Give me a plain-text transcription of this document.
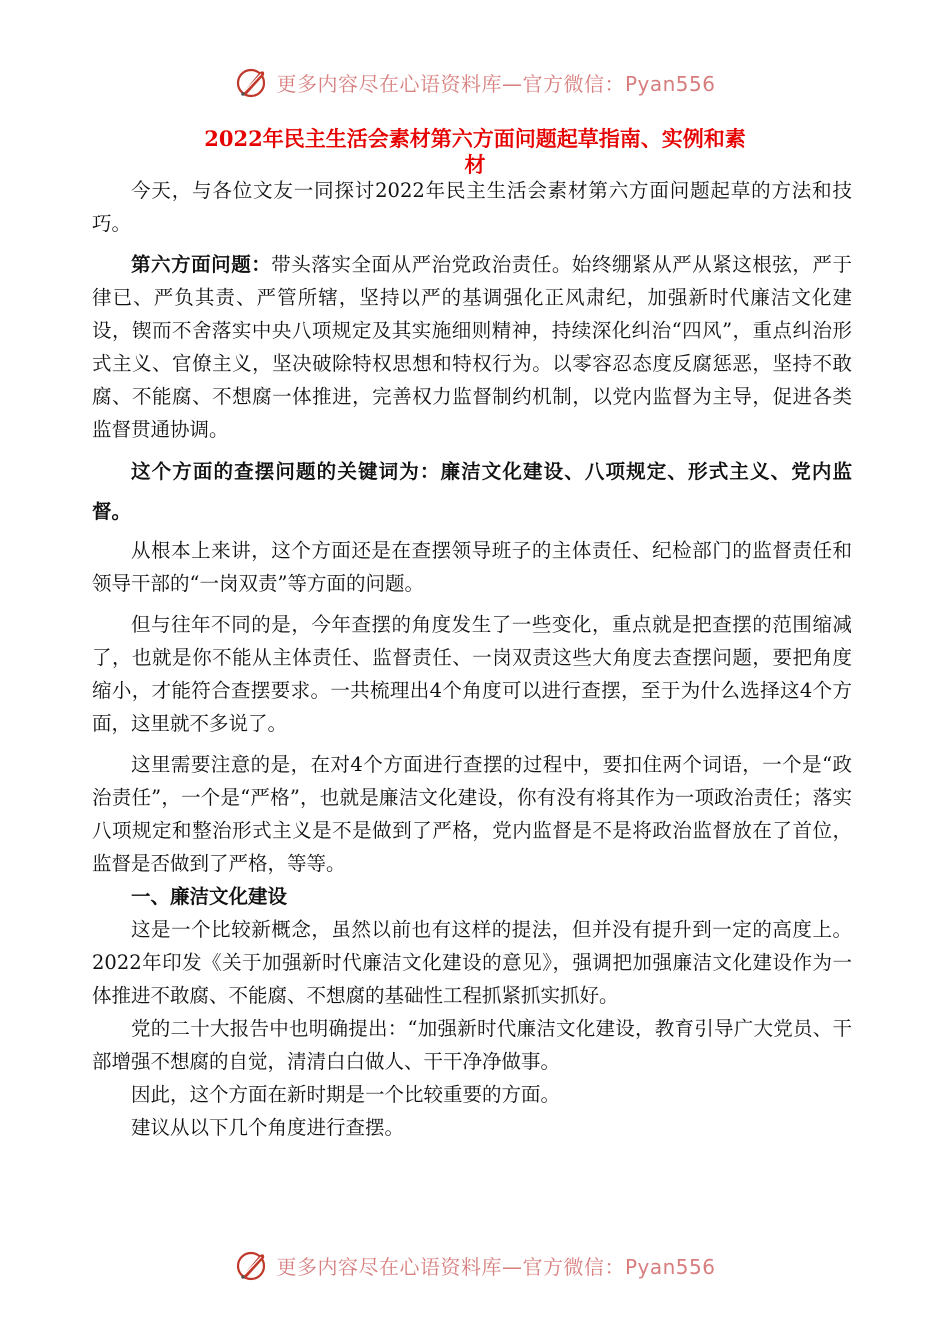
更多内容尽在心语资料库—官方微信：Pyan556
2022年民主生活会素材第六方面问题起草指南、实例和素
材

今天，与各位文友一同探讨2022年民主生活会素材第六方面问题起草的方法和技巧。

第六方面问题：带头落实全面从严治党政治责任。始终绷紧从严从紧这根弦，严于律已、严负其责、严管所辖，坚持以严的基调强化正风肃纪，加强新时代廉洁文化建设，锲而不舍落实中央八项规定及其实施细则精神，持续深化纠治“四风”，重点纠治形式主义、官僚主义，坚决破除特权思想和特权行为。以零容忍态度反腐惩恶，坚持不敢腐、不能腐、不想腐一体推进，完善权力监督制约机制，以党内监督为主导，促进各类监督贯通协调。

这个方面的查摆问题的关键词为：廉洁文化建设、八项规定、形式主义、党内监督。

从根本上来讲，这个方面还是在查摆领导班子的主体责任、纪检部门的监督责任和领导干部的“一岗双责”等方面的问题。

但与往年不同的是，今年查摆的角度发生了一些变化，重点就是把查摆的范围缩减了，也就是你不能从主体责任、监督责任、一岗双责这些大角度去查摆问题，要把角度缩小，才能符合查摆要求。一共梳理出4个角度可以进行查摆，至于为什么选择这4个方面，这里就不多说了。

这里需要注意的是，在对4个方面进行查摆的过程中，要扣住两个词语，一个是“政治责任”，一个是“严格”，也就是廉洁文化建设，你有没有将其作为一项政治责任；落实八项规定和整治形式主义是不是做到了严格，党内监督是不是将政治监督放在了首位，监督是否做到了严格，等等。

一、廉洁文化建设

这是一个比较新概念，虽然以前也有这样的提法，但并没有提升到一定的高度上。2022年印发《关于加强新时代廉洁文化建设的意见》，强调把加强廉洁文化建设作为一体推进不敢腐、不能腐、不想腐的基础性工程抓紧抓实抓好。

党的二十大报告中也明确提出：“加强新时代廉洁文化建设，教育引导广大党员、干部增强不想腐的自觉，清清白白做人、干干净净做事。

因此，这个方面在新时期是一个比较重要的方面。

建议从以下几个角度进行查摆。

更多内容尽在心语资料库—官方微信：Pyan556
